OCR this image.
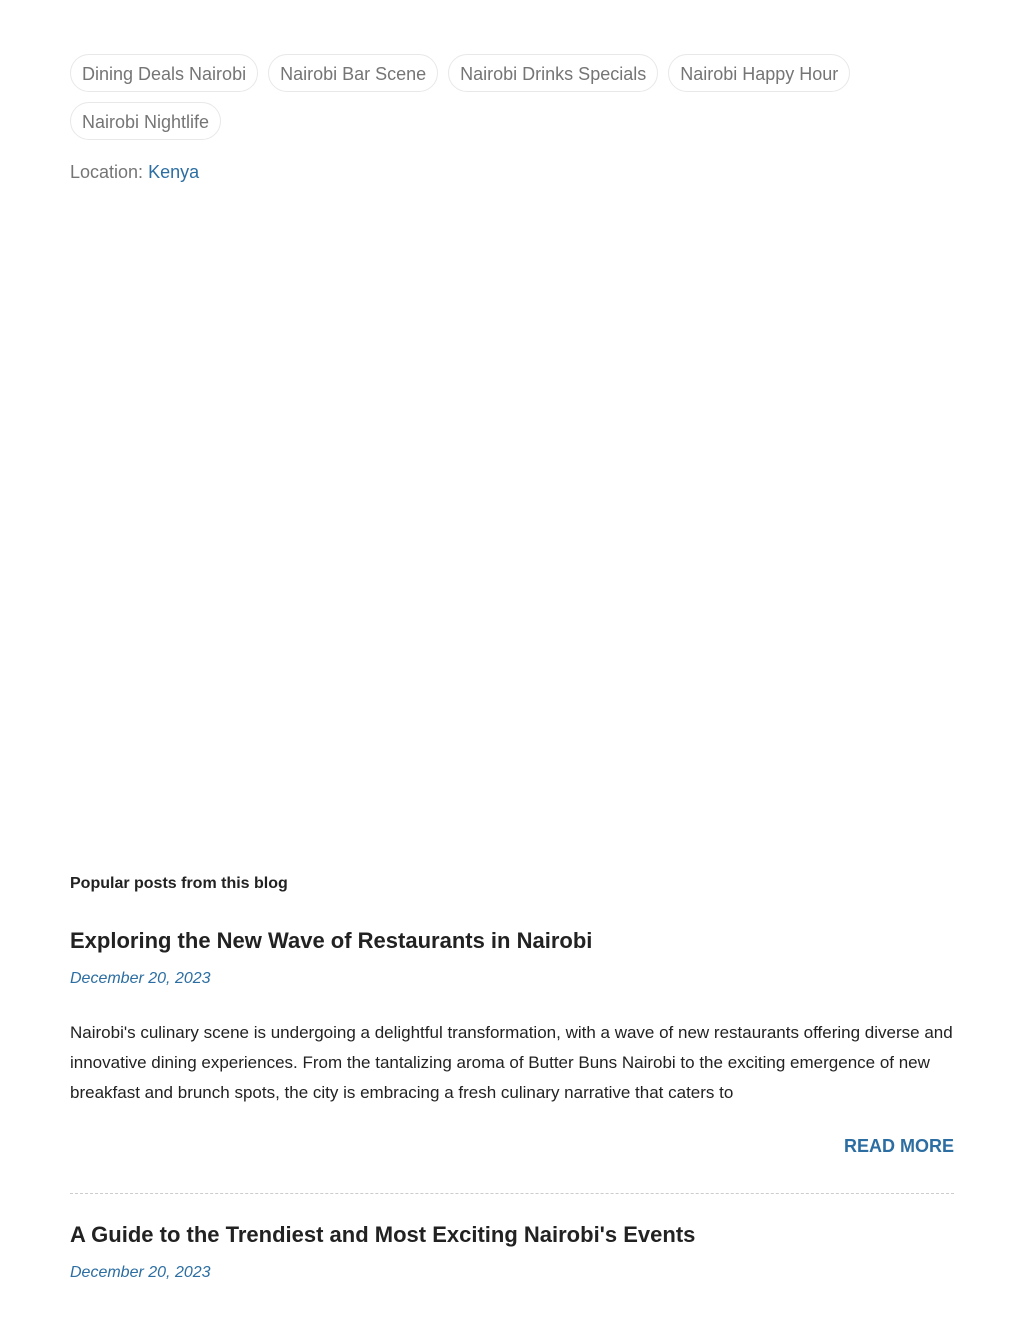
Dining Deals Nairobi	Nairobi Bar Scene	Nairobi Drinks Specials	Nairobi Happy Hour
Nairobi Nightlife
Location: Kenya
Popular posts from this blog
Exploring the New Wave of Restaurants in Nairobi
December 20, 2023
Nairobi's culinary scene is undergoing a delightful transformation, with a wave of new restaurants offering diverse and innovative dining experiences. From the tantalizing aroma of Butter Buns Nairobi to the exciting emergence of new breakfast and brunch spots, the city is embracing a fresh culinary narrative that caters to
READ MORE
A Guide to the Trendiest and Most Exciting Nairobi's Events
December 20, 2023
